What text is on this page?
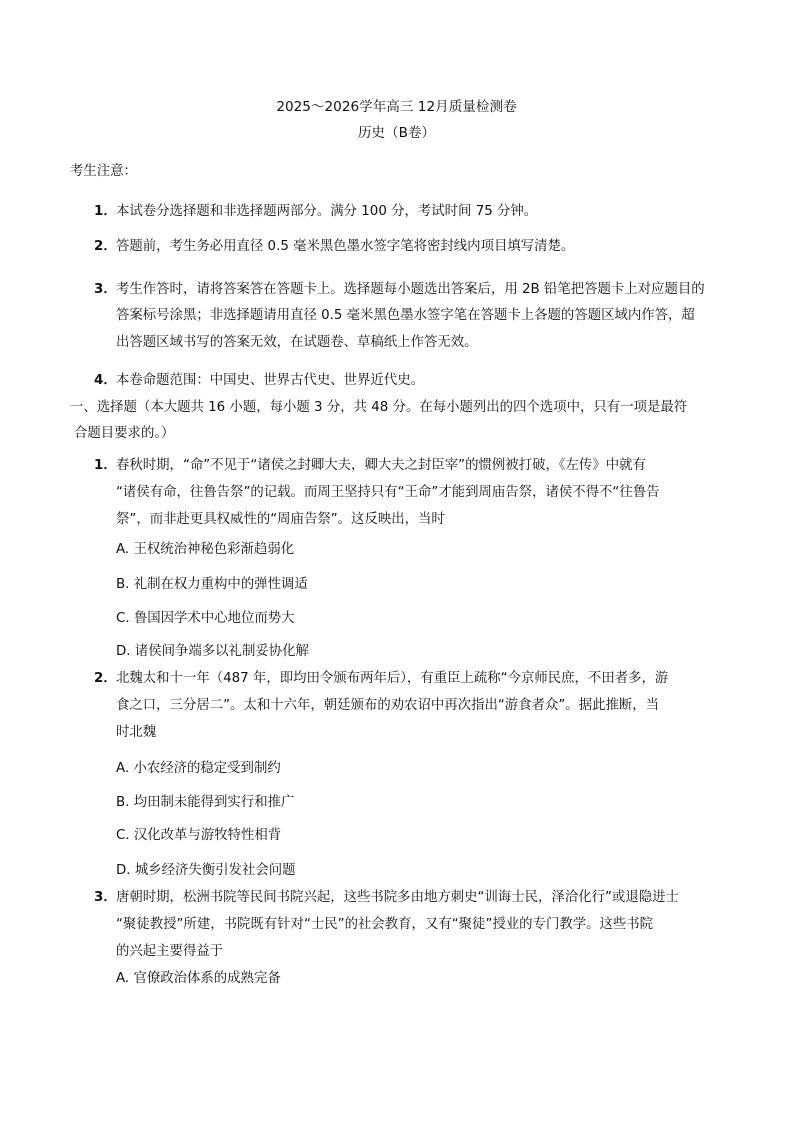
2025～2026学年高三 12月质量检测卷
历史（B卷）
考生注意：
1． 本试卷分选择题和非选择题两部分。满分 100 分，考试时间 75 分钟。
2． 答题前，考生务必用直径 0.5 毫米黑色墨水签字笔将密封线内项目填写清楚。
3． 考生作答时，请将答案答在答题卡上。选择题每小题选出答案后，用 2B 铅笔把答题卡上对应题目的
答案标号涂黑；非选择题请用直径 0.5 毫米黑色墨水签字笔在答题卡上各题的答题区域内作答，超
出答题区域书写的答案无效，在试题卷、草稿纸上作答无效。
4． 本卷命题范围：中国史、世界古代史、世界近代史。
一、选择题（本大题共 16 小题，每小题 3 分，共 48 分。在每小题列出的四个选项中，只有一项是最符
合题目要求的。）
1． 春秋时期，“命”不见于“诸侯之封卿大夫，卿大夫之封臣宰”的惯例被打破，《左传》中就有
“诸侯有命，往鲁告祭”的记载。而周王坚持只有“王命”才能到周庙告祭，诸侯不得不“往鲁告
祭”，而非赴更具权威性的“周庙告祭”。这反映出，当时
A. 王权统治神秘色彩渐趋弱化
B. 礼制在权力重构中的弹性调适
C. 鲁国因学术中心地位而势大
D. 诸侯间争端多以礼制妥协化解
2． 北魏太和十一年（487 年，即均田令颁布两年后），有重臣上疏称“今京师民庶，不田者多，游
食之口，三分居二”。太和十六年，朝廷颁布的劝农诏中再次指出“游食者众”。据此推断，当
时北魏
A. 小农经济的稳定受到制约
B. 均田制未能得到实行和推广
C. 汉化改革与游牧特性相背
D. 城乡经济失衡引发社会问题
3． 唐朝时期，松洲书院等民间书院兴起，这些书院多由地方刺史“训诲士民，泽洽化行”或退隐进士
“聚徒教授”所建，书院既有针对“士民”的社会教育，又有“聚徒”授业的专门教学。这些书院
的兴起主要得益于
A. 官僚政治体系的成熟完备
